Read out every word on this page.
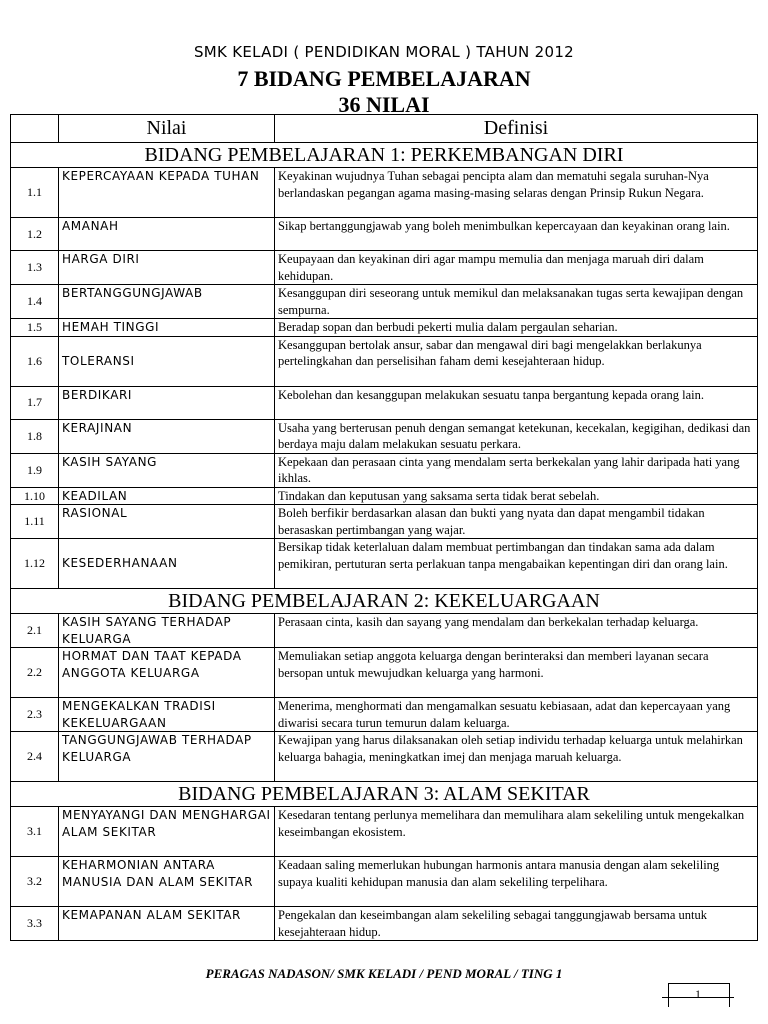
SMK KELADI ( PENDIDIKAN MORAL ) TAHUN 2012
7 BIDANG PEMBELAJARAN
36 NILAI
	Nilai	Definisi
BIDANG PEMBELAJARAN 1: PERKEMBANGAN DIRI		
1.1	KEPERCAYAAN KEPADA TUHAN	Keyakinan wujudnya Tuhan sebagai pencipta alam dan mematuhi segala suruhan-Nya berlandaskan pegangan agama masing-masing selaras dengan Prinsip Rukun Negara.
1.2	AMANAH	Sikap bertanggungjawab yang boleh menimbulkan kepercayaan dan keyakinan orang lain.
1.3	HARGA DIRI	Keupayaan dan keyakinan diri agar mampu memulia dan menjaga maruah diri dalam kehidupan.
1.4	BERTANGGUNGJAWAB	Kesanggupan diri seseorang untuk memikul dan melaksanakan tugas serta kewajipan dengan sempurna.
1.5	HEMAH TINGGI	Beradap sopan dan berbudi pekerti mulia dalam pergaulan seharian.
1.6	TOLERANSI	Kesanggupan bertolak ansur, sabar dan mengawal diri bagi mengelakkan berlakunya pertelingkahan dan perselisihan faham demi kesejahteraan hidup.
1.7	BERDIKARI	Kebolehan dan kesanggupan melakukan sesuatu tanpa bergantung kepada orang lain.
1.8	KERAJINAN	Usaha yang berterusan penuh dengan semangat ketekunan, kecekalan, kegigihan, dedikasi dan berdaya maju dalam melakukan sesuatu perkara.
1.9	KASIH SAYANG	Kepekaan dan perasaan cinta yang mendalam serta berkekalan yang lahir daripada hati yang ikhlas.
1.10	KEADILAN	Tindakan dan keputusan yang saksama serta tidak berat sebelah.
1.11	RASIONAL	Boleh berfikir berdasarkan alasan dan bukti yang nyata dan dapat mengambil tidakan berasaskan pertimbangan yang wajar.
1.12	KESEDERHANAAN	Bersikap tidak keterlaluan dalam membuat pertimbangan dan tindakan sama ada dalam pemikiran, pertuturan serta perlakuan tanpa mengabaikan kepentingan diri dan orang lain.
BIDANG PEMBELAJARAN 2: KEKELUARGAAN		
2.1	KASIH SAYANG TERHADAP KELUARGA	Perasaan cinta, kasih dan sayang yang mendalam dan berkekalan terhadap keluarga.
2.2	HORMAT DAN TAAT KEPADA ANGGOTA KELUARGA	Memuliakan setiap anggota keluarga dengan berinteraksi dan memberi layanan secara bersopan untuk mewujudkan keluarga yang harmoni.
2.3	MENGEKALKAN TRADISI KEKELUARGAAN	Menerima, menghormati dan mengamalkan sesuatu kebiasaan, adat dan kepercayaan yang diwarisi secara turun temurun dalam keluarga.
2.4	TANGGUNGJAWAB TERHADAP KELUARGA	Kewajipan yang harus dilaksanakan oleh setiap individu terhadap keluarga untuk melahirkan keluarga bahagia, meningkatkan imej dan menjaga maruah keluarga.
BIDANG PEMBELAJARAN 3: ALAM SEKITAR		
3.1	MENYAYANGI DAN MENGHARGAI ALAM SEKITAR	Kesedaran tentang perlunya memelihara dan memulihara alam sekeliling untuk mengekalkan keseimbangan ekosistem.
3.2	KEHARMONIAN ANTARA MANUSIA DAN ALAM SEKITAR	Keadaan saling memerlukan hubungan harmonis antara manusia dengan alam sekeliling supaya kualiti kehidupan manusia dan alam sekeliling terpelihara.
3.3	KEMAPANAN ALAM SEKITAR	Pengekalan dan keseimbangan alam sekeliling sebagai tanggungjawab bersama untuk kesejahteraan hidup.
PERAGAS NADASON/ SMK KELADI / PEND MORAL / TING 1
1
